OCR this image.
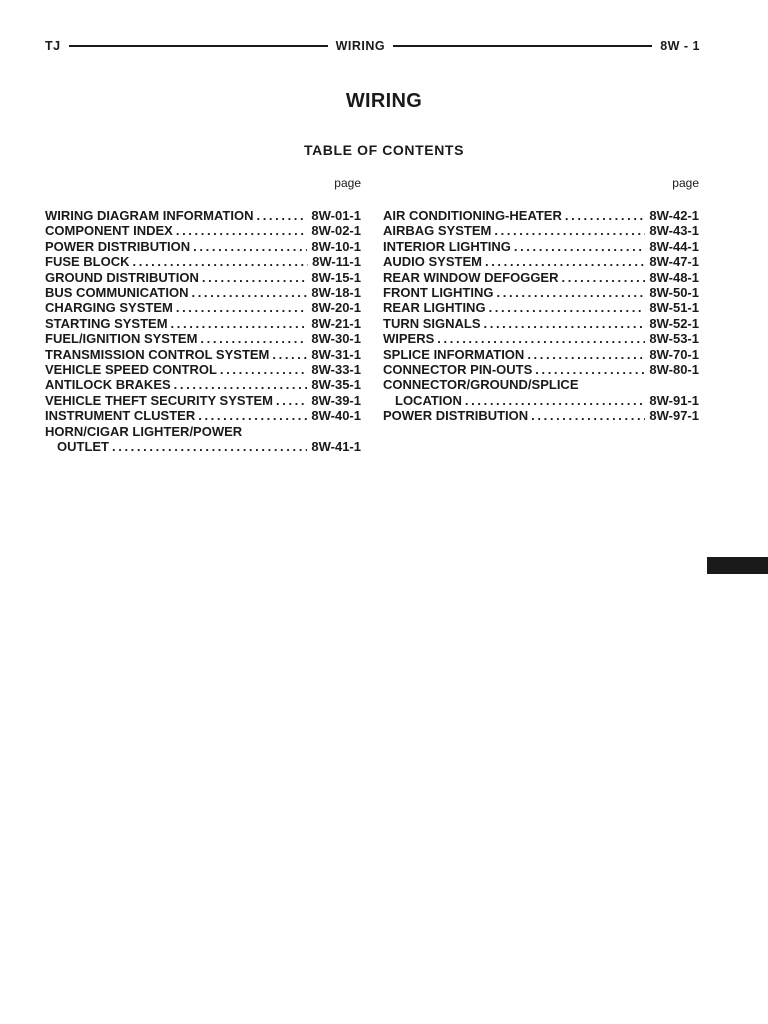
TJ	WIRING	8W - 1
WIRING
TABLE OF CONTENTS
page
WIRING DIAGRAM INFORMATION . . .	8W-01-1
COMPONENT INDEX . . .	8W-02-1
POWER DISTRIBUTION . . .	8W-10-1
FUSE BLOCK . . .	8W-11-1
GROUND DISTRIBUTION . . .	8W-15-1
BUS COMMUNICATION . . .	8W-18-1
CHARGING SYSTEM . . .	8W-20-1
STARTING SYSTEM . . .	8W-21-1
FUEL/IGNITION SYSTEM . . .	8W-30-1
TRANSMISSION CONTROL SYSTEM . . .	8W-31-1
VEHICLE SPEED CONTROL . . .	8W-33-1
ANTILOCK BRAKES . . .	8W-35-1
VEHICLE THEFT SECURITY SYSTEM . . .	8W-39-1
INSTRUMENT CLUSTER . . .	8W-40-1
HORN/CIGAR LIGHTER/POWER
OUTLET . . .	8W-41-1
page
AIR CONDITIONING-HEATER . . .	8W-42-1
AIRBAG SYSTEM . . .	8W-43-1
INTERIOR LIGHTING . . .	8W-44-1
AUDIO SYSTEM . . .	8W-47-1
REAR WINDOW DEFOGGER . . .	8W-48-1
FRONT LIGHTING . . .	8W-50-1
REAR LIGHTING . . .	8W-51-1
TURN SIGNALS . . .	8W-52-1
WIPERS . . .	8W-53-1
SPLICE INFORMATION . . .	8W-70-1
CONNECTOR PIN-OUTS . . .	8W-80-1
CONNECTOR/GROUND/SPLICE
LOCATION . . .	8W-91-1
POWER DISTRIBUTION . . .	8W-97-1
